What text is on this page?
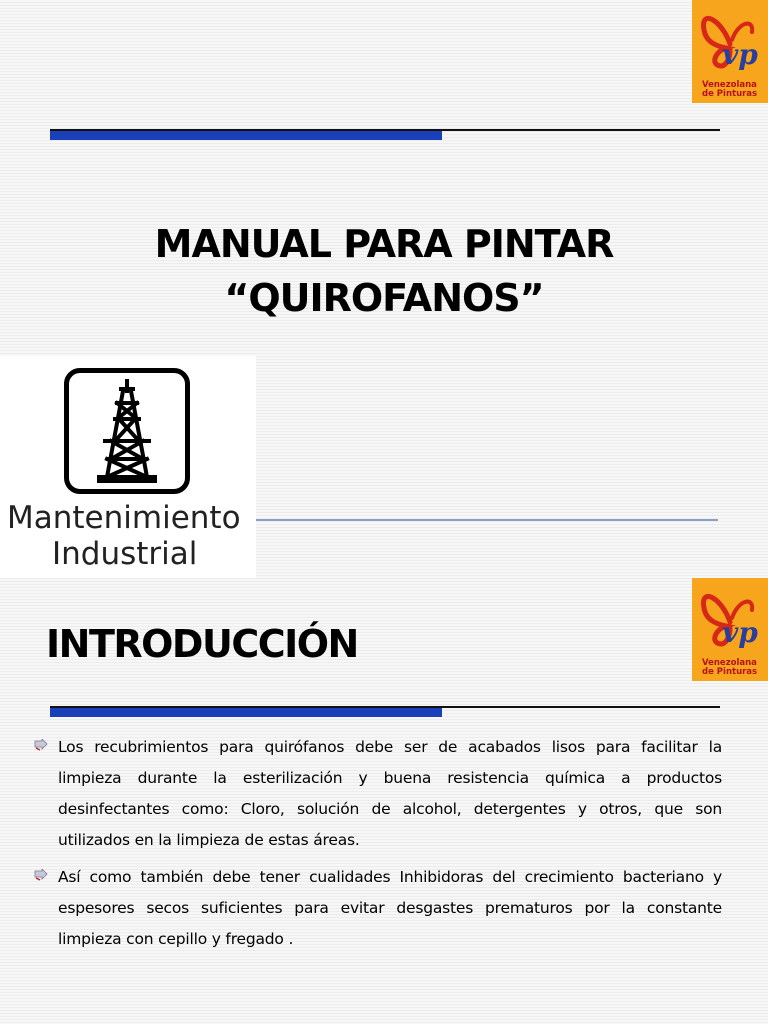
vp
Venezolana
de Pinturas
MANUAL PARA PINTAR
“QUIROFANOS”
Mantenimiento
Industrial
vp
Venezolana
de Pinturas
INTRODUCCIÓN

Los recubrimientos para quirófanos debe ser de acabados lisos para facilitar la limpieza durante la esterilización y buena resistencia química a productos desinfectantes como: Cloro, solución de alcohol, detergentes y otros, que son utilizados en la limpieza de estas áreas.

Así como también debe tener cualidades Inhibidoras del crecimiento bacteriano y espesores secos suficientes para evitar desgastes prematuros por la constante limpieza con cepillo y fregado .
